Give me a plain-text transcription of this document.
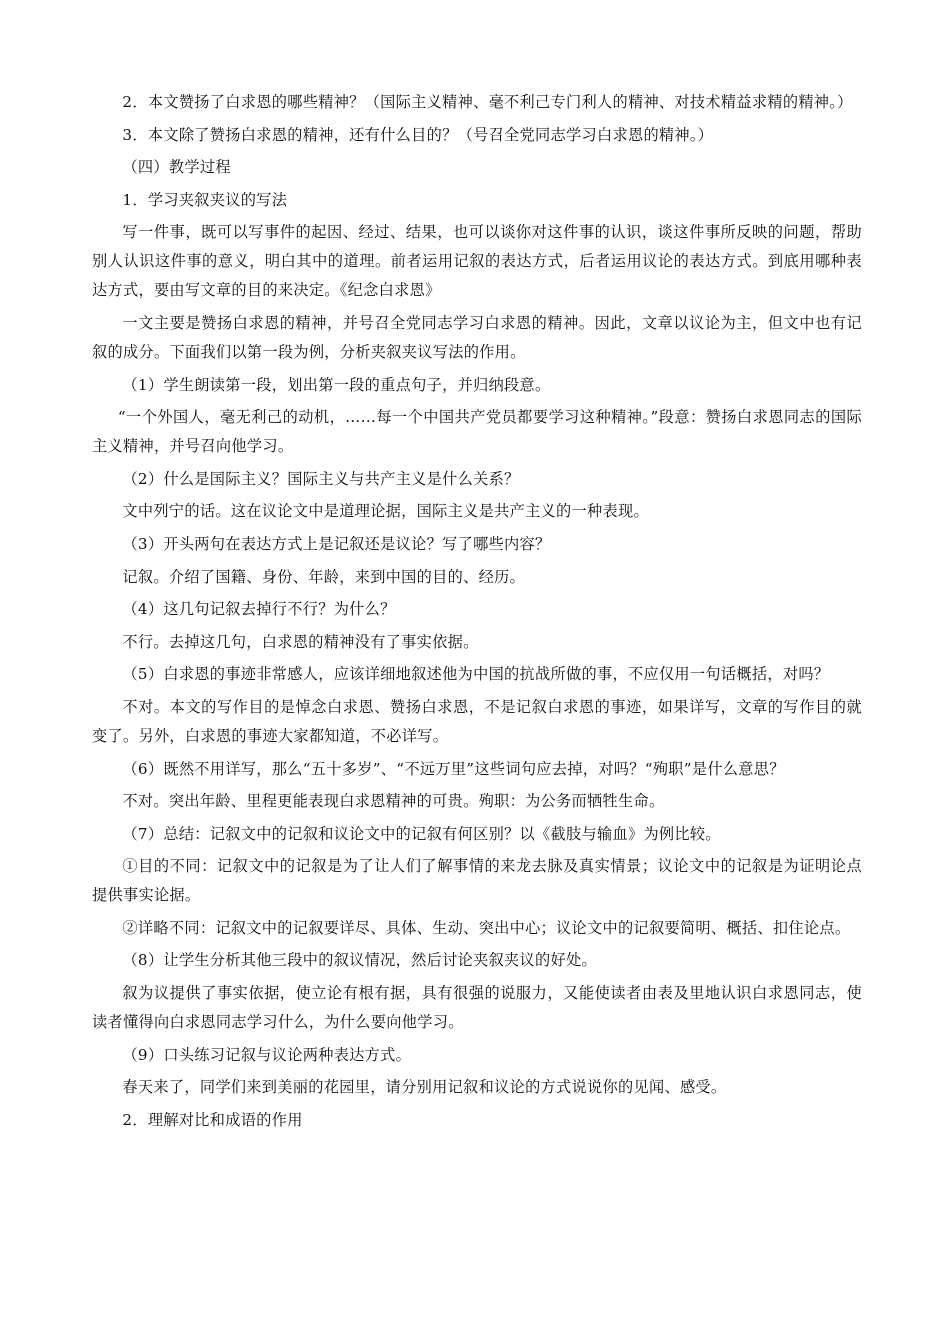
2．本文赞扬了白求恩的哪些精神？（国际主义精神、毫不利己专门利人的精神、对技术精益求精的精神。）

3．本文除了赞扬白求恩的精神，还有什么目的？（号召全党同志学习白求恩的精神。）

（四）教学过程

1．学习夹叙夹议的写法

写一件事，既可以写事件的起因、经过、结果，也可以谈你对这件事的认识，谈这件事所反映的问题，帮助别人认识这件事的意义，明白其中的道理。前者运用记叙的表达方式，后者运用议论的表达方式。到底用哪种表达方式，要由写文章的目的来决定。《纪念白求恩》

一文主要是赞扬白求恩的精神，并号召全党同志学习白求恩的精神。因此，文章以议论为主，但文中也有记叙的成分。下面我们以第一段为例，分析夹叙夹议写法的作用。

（1）学生朗读第一段，划出第一段的重点句子，并归纳段意。

“一个外国人，毫无利己的动机，……每一个中国共产党员都要学习这种精神。”段意：赞扬白求恩同志的国际主义精神，并号召向他学习。

（2）什么是国际主义？国际主义与共产主义是什么关系？

文中列宁的话。这在议论文中是道理论据，国际主义是共产主义的一种表现。

（3）开头两句在表达方式上是记叙还是议论？写了哪些内容？

记叙。介绍了国籍、身份、年龄，来到中国的目的、经历。

（4）这几句记叙去掉行不行？为什么？

不行。去掉这几句，白求恩的精神没有了事实依据。

（5）白求恩的事迹非常感人，应该详细地叙述他为中国的抗战所做的事，不应仅用一句话概括，对吗？

不对。本文的写作目的是悼念白求恩、赞扬白求恩，不是记叙白求恩的事迹，如果详写，文章的写作目的就变了。另外，白求恩的事迹大家都知道，不必详写。

（6）既然不用详写，那么“五十多岁”、“不远万里”这些词句应去掉，对吗？“殉职”是什么意思？

不对。突出年龄、里程更能表现白求恩精神的可贵。殉职：为公务而牺牲生命。

（7）总结：记叙文中的记叙和议论文中的记叙有何区别？以《截肢与输血》为例比较。

①目的不同：记叙文中的记叙是为了让人们了解事情的来龙去脉及真实情景；议论文中的记叙是为证明论点提供事实论据。

②详略不同：记叙文中的记叙要详尽、具体、生动、突出中心；议论文中的记叙要简明、概括、扣住论点。

（8）让学生分析其他三段中的叙议情况，然后讨论夹叙夹议的好处。

叙为议提供了事实依据，使立论有根有据，具有很强的说服力，又能使读者由表及里地认识白求恩同志，使读者懂得向白求恩同志学习什么，为什么要向他学习。

（9）口头练习记叙与议论两种表达方式。

春天来了，同学们来到美丽的花园里，请分别用记叙和议论的方式说说你的见闻、感受。

2．理解对比和成语的作用
